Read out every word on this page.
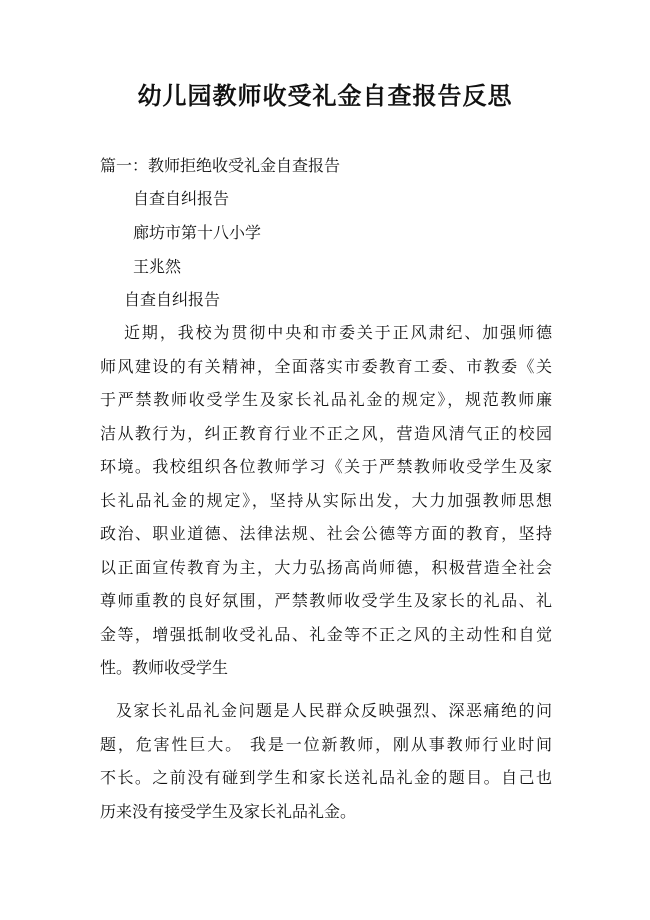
幼儿园教师收受礼金自查报告反思
篇一：教师拒绝收受礼金自查报告
自查自纠报告
廊坊市第十八小学
王兆然
自查自纠报告
近期，我校为贯彻中央和市委关于正风肃纪、加强师德
师风建设的有关精神，全面落实市委教育工委、市教委《关
于严禁教师收受学生及家长礼品礼金的规定》，规范教师廉
洁从教行为，纠正教育行业不正之风，营造风清气正的校园
环境。我校组织各位教师学习《关于严禁教师收受学生及家
长礼品礼金的规定》，坚持从实际出发，大力加强教师思想
政治、职业道德、法律法规、社会公德等方面的教育，坚持
以正面宣传教育为主，大力弘扬高尚师德，积极营造全社会
尊师重教的良好氛围，严禁教师收受学生及家长的礼品、礼
金等，增强抵制收受礼品、礼金等不正之风的主动性和自觉
性。教师收受学生
及家长礼品礼金问题是人民群众反映强烈、深恶痛绝的问
题，危害性巨大。 我是一位新教师，刚从事教师行业时间
不长。之前没有碰到学生和家长送礼品礼金的题目。自己也
历来没有接受学生及家长礼品礼金。
